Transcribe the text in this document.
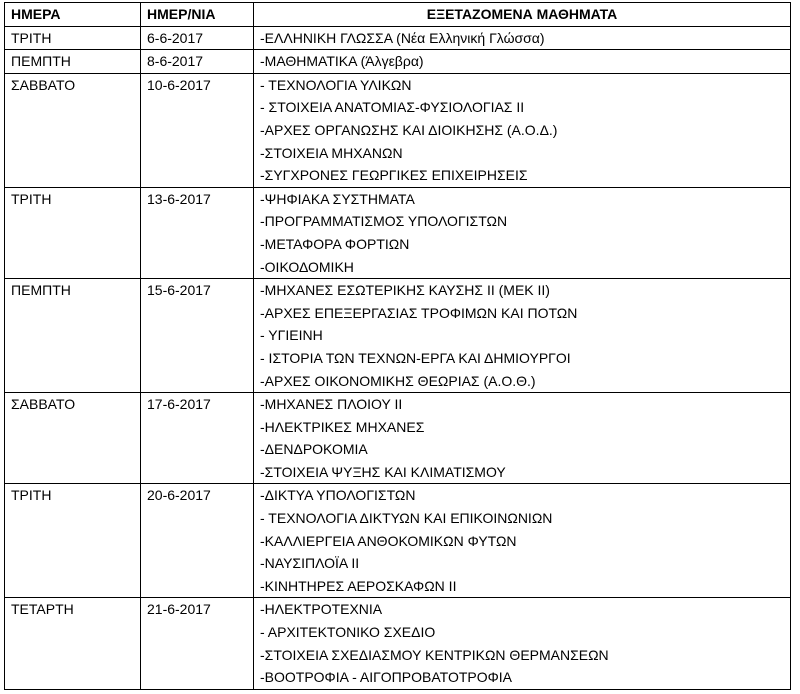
ΗΜΕΡΑ	ΗΜΕΡ/ΝΙΑ	ΕΞΕΤΑΖΟΜΕΝΑ ΜΑΘΗΜΑΤΑ
ΤΡΙΤΗ	6-6-2017	-ΕΛΛΗΝΙΚΗ ΓΛΩΣΣΑ (Νέα Ελληνική Γλώσσα)

ΠΕΜΠΤΗ	8-6-2017	-ΜΑΘΗΜΑΤΙΚΑ (Άλγεβρα)

ΣΑΒΒΑΤΟ	10-6-2017	- ΤΕΧΝΟΛΟΓΙΑ ΥΛΙΚΩΝ
- ΣΤΟΙΧΕΙΑ ΑΝΑΤΟΜΙΑΣ-ΦΥΣΙΟΛΟΓΙΑΣ ΙΙ
-ΑΡΧΕΣ ΟΡΓΑΝΩΣΗΣ ΚΑΙ ΔΙΟΙΚΗΣΗΣ (Α.Ο.Δ.)
-ΣΤΟΙΧΕΙΑ ΜΗΧΑΝΩΝ
-ΣΥΓΧΡΟΝΕΣ ΓΕΩΡΓΙΚΕΣ ΕΠΙΧΕΙΡΗΣΕΙΣ

ΤΡΙΤΗ	13-6-2017	-ΨΗΦΙΑΚΑ ΣΥΣΤΗΜΑΤΑ
-ΠΡΟΓΡΑΜΜΑΤΙΣΜΟΣ ΥΠΟΛΟΓΙΣΤΩΝ
-ΜΕΤΑΦΟΡΑ ΦΟΡΤΙΩΝ
-ΟΙΚΟΔΟΜΙΚΗ

ΠΕΜΠΤΗ	15-6-2017	-ΜΗΧΑΝΕΣ ΕΣΩΤΕΡΙΚΗΣ ΚΑΥΣΗΣ ΙΙ (ΜΕΚ ΙΙ)
-ΑΡΧΕΣ ΕΠΕΞΕΡΓΑΣΙΑΣ ΤΡΟΦΙΜΩΝ ΚΑΙ ΠΟΤΩΝ
- ΥΓΙΕΙΝΗ
- ΙΣΤΟΡΙΑ ΤΩΝ ΤΕΧΝΩΝ-ΕΡΓΑ ΚΑΙ ΔΗΜΙΟΥΡΓΟΙ
-ΑΡΧΕΣ ΟΙΚΟΝΟΜΙΚΗΣ ΘΕΩΡΙΑΣ (Α.Ο.Θ.)

ΣΑΒΒΑΤΟ	17-6-2017	-ΜΗΧΑΝΕΣ ΠΛΟΙΟΥ ΙΙ
-ΗΛΕΚΤΡΙΚΕΣ ΜΗΧΑΝΕΣ
-ΔΕΝΔΡΟΚΟΜΙΑ
-ΣΤΟΙΧΕΙΑ ΨΥΞΗΣ ΚΑΙ ΚΛΙΜΑΤΙΣΜΟΥ

ΤΡΙΤΗ	20-6-2017	-ΔΙΚΤΥΑ ΥΠΟΛΟΓΙΣΤΩΝ
- ΤΕΧΝΟΛΟΓΙΑ ΔΙΚΤΥΩΝ ΚΑΙ ΕΠΙΚΟΙΝΩΝΙΩΝ
-ΚΑΛΛΙΕΡΓΕΙΑ ΑΝΘΟΚΟΜΙΚΩΝ ΦΥΤΩΝ
-ΝΑΥΣΙΠΛΟΪΑ ΙΙ
-ΚΙΝΗΤΗΡΕΣ ΑΕΡΟΣΚΑΦΩΝ ΙΙ

ΤΕΤΑΡΤΗ	21-6-2017	-ΗΛΕΚΤΡΟΤΕΧΝΙΑ
- ΑΡΧΙΤΕΚΤΟΝΙΚΟ ΣΧΕΔΙΟ
-ΣΤΟΙΧΕΙΑ ΣΧΕΔΙΑΣΜΟΥ ΚΕΝΤΡΙΚΩΝ ΘΕΡΜΑΝΣΕΩΝ
-ΒΟΟΤΡΟΦΙΑ - ΑΙΓΟΠΡΟΒΑΤΟΤΡΟΦΙΑ
